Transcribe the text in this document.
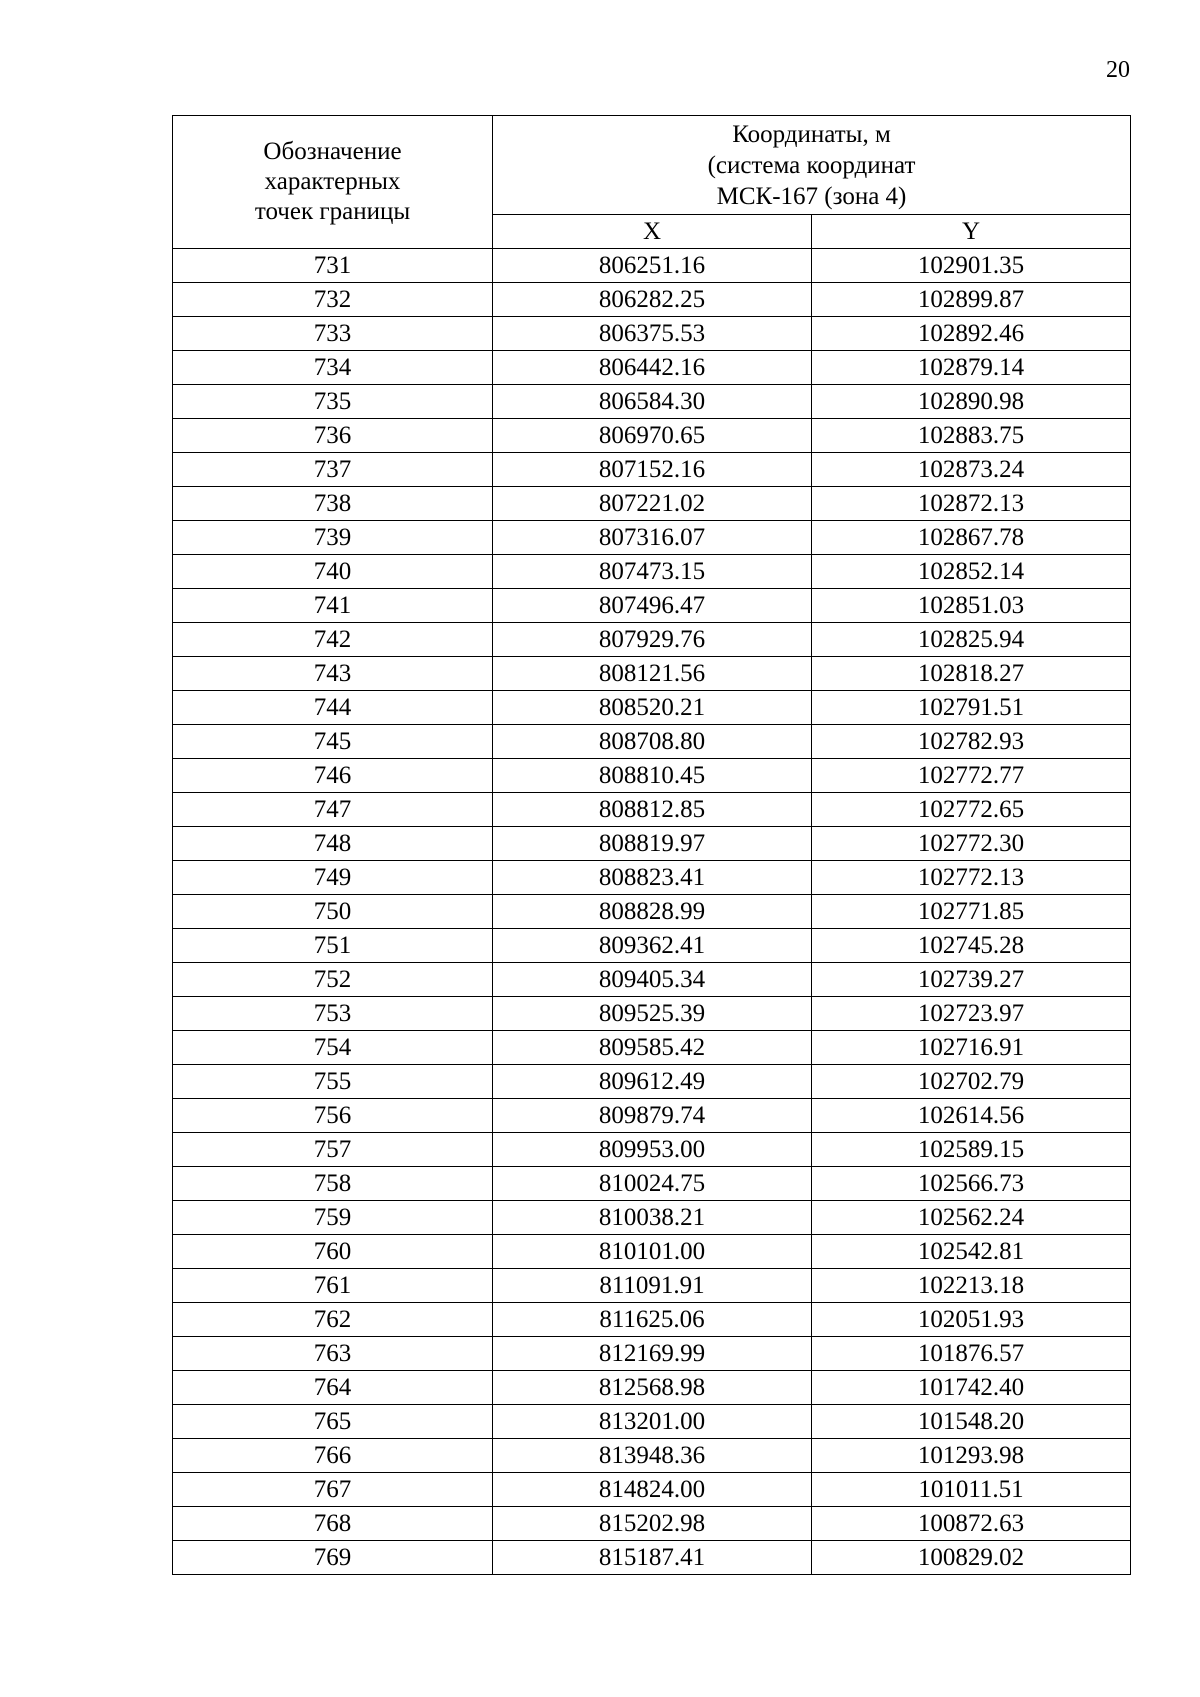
20
Обозначение
характерных
точек границы	Координаты, м
(система координат
МСК-167 (зона 4)	

	X	Y
731	806251.16	102901.35
732	806282.25	102899.87
733	806375.53	102892.46
734	806442.16	102879.14
735	806584.30	102890.98
736	806970.65	102883.75
737	807152.16	102873.24
738	807221.02	102872.13
739	807316.07	102867.78
740	807473.15	102852.14
741	807496.47	102851.03
742	807929.76	102825.94
743	808121.56	102818.27
744	808520.21	102791.51
745	808708.80	102782.93
746	808810.45	102772.77
747	808812.85	102772.65
748	808819.97	102772.30
749	808823.41	102772.13
750	808828.99	102771.85
751	809362.41	102745.28
752	809405.34	102739.27
753	809525.39	102723.97
754	809585.42	102716.91
755	809612.49	102702.79
756	809879.74	102614.56
757	809953.00	102589.15
758	810024.75	102566.73
759	810038.21	102562.24
760	810101.00	102542.81
761	811091.91	102213.18
762	811625.06	102051.93
763	812169.99	101876.57
764	812568.98	101742.40
765	813201.00	101548.20
766	813948.36	101293.98
767	814824.00	101011.51
768	815202.98	100872.63
769	815187.41	100829.02
